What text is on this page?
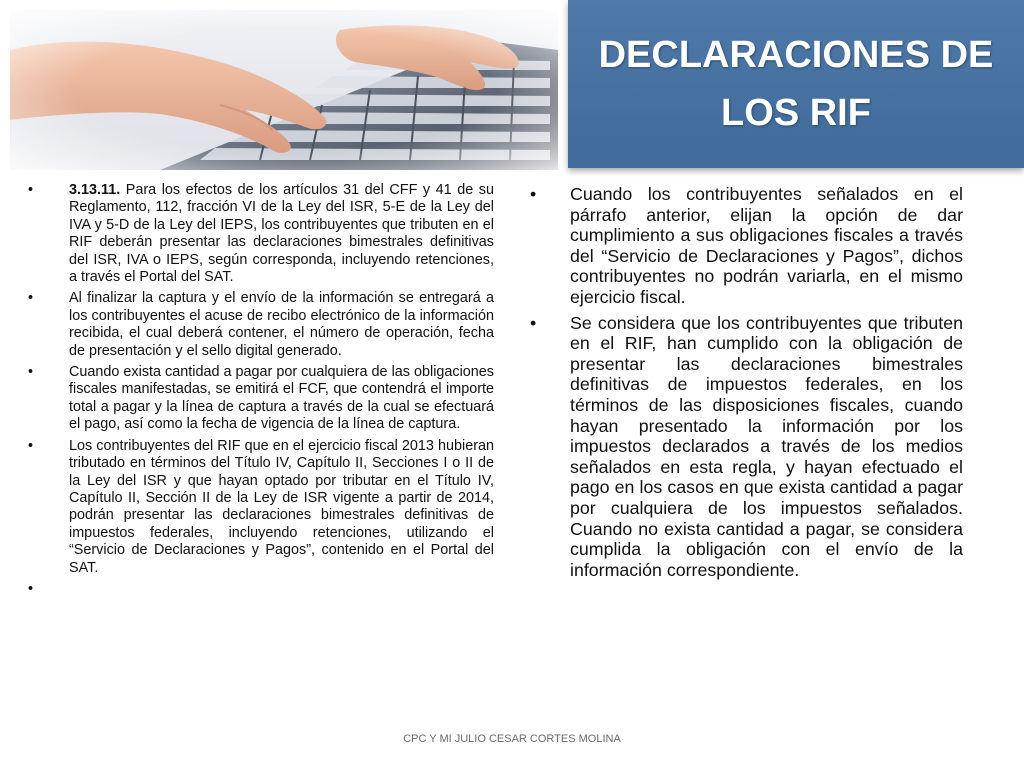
DECLARACIONES DE
LOS RIF
• 3.13.11. Para los efectos de los artículos 31 del CFF y 41 de su Reglamento, 112, fracción VI de la Ley del ISR, 5-E de la Ley del IVA y 5-D de la Ley del IEPS, los contribuyentes que tributen en el RIF deberán presentar las declaraciones bimestrales definitivas del ISR, IVA o IEPS, según corresponda, incluyendo retenciones, a través el Portal del SAT.
• Al finalizar la captura y el envío de la información se entregará a los contribuyentes el acuse de recibo electrónico de la información recibida, el cual deberá contener, el número de operación, fecha de presentación y el sello digital generado.
• Cuando exista cantidad a pagar por cualquiera de las obligaciones fiscales manifestadas, se emitirá el FCF, que contendrá el importe total a pagar y la línea de captura a través de la cual se efectuará el pago, así como la fecha de vigencia de la línea de captura.
• Los contribuyentes del RIF que en el ejercicio fiscal 2013 hubieran tributado en términos del Título IV, Capítulo II, Secciones I o II de la Ley del ISR y que hayan optado por tributar en el Título IV, Capítulo II, Sección II de la Ley de ISR vigente a partir de 2014, podrán presentar las declaraciones bimestrales definitivas de impuestos federales, incluyendo retenciones, utilizando el “Servicio de Declaraciones y Pagos”, contenido en el Portal del SAT.
•
• Cuando los contribuyentes señalados en el párrafo anterior, elijan la opción de dar cumplimiento a sus obligaciones fiscales a través del “Servicio de Declaraciones y Pagos”, dichos contribuyentes no podrán variarla, en el mismo ejercicio fiscal.
• Se considera que los contribuyentes que tributen en el RIF, han cumplido con la obligación de presentar las declaraciones bimestrales definitivas de impuestos federales, en los términos de las disposiciones fiscales, cuando hayan presentado la información por los impuestos declarados a través de los medios señalados en esta regla, y hayan efectuado el pago en los casos en que exista cantidad a pagar por cualquiera de los impuestos señalados. Cuando no exista cantidad a pagar, se considera cumplida la obligación con el envío de la información correspondiente.
CPC Y MI JULIO CESAR CORTES MOLINA
